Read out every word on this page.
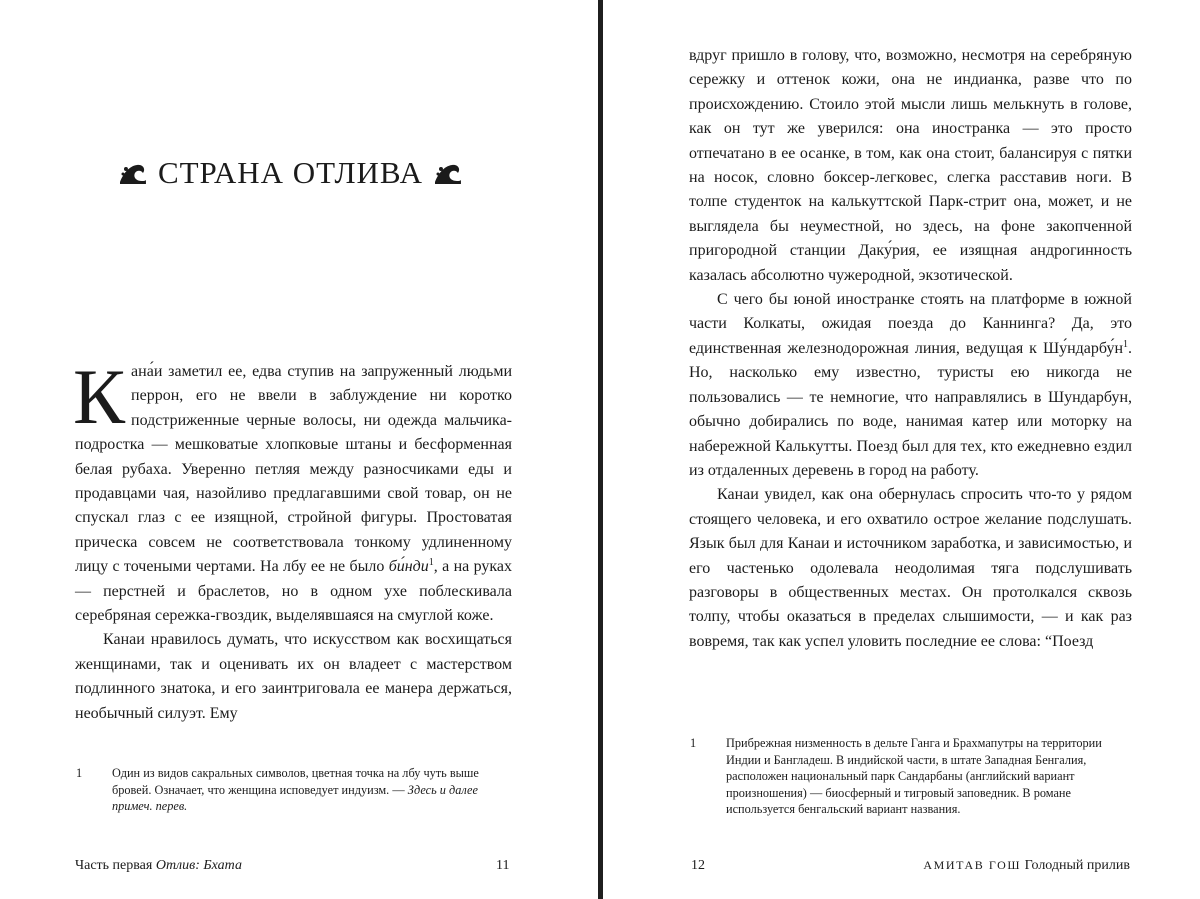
СТРАНА ОТЛИВА

Кана́и заметил ее, едва ступив на запруженный людьми перрон, его не ввели в заблуждение ни коротко подстриженные черные волосы, ни одежда мальчика-подростка — мешковатые хлопковые штаны и бесформенная белая рубаха. Уверенно петляя между разносчиками еды и продавцами чая, назойливо предлагавшими свой товар, он не спускал глаз с ее изящной, стройной фигуры. Простоватая прическа совсем не соответствовала тонкому удлиненному лицу с точеными чертами. На лбу ее не было би́нди$^1$, а на руках — перстней и браслетов, но в одном ухе поблескивала серебряная сережка-гвоздик, выделявшаяся на смуглой коже.

Канаи нравилось думать, что искусством как восхищаться женщинами, так и оценивать их он владеет с мастерством подлинного знатока, и его заинтриговала ее манера держаться, необычный силуэт. Ему

1	Один из видов сакральных символов, цветная точка на лбу чуть выше бровей. Означает, что женщина исповедует индуизм. — Здесь и далее примеч. перев.
Часть первая Отлив: Бхата	11

вдруг пришло в голову, что, возможно, несмотря на серебряную сережку и оттенок кожи, она не индианка, разве что по происхождению. Стоило этой мысли лишь мелькнуть в голове, как он тут же уверился: она иностранка — это просто отпечатано в ее осанке, в том, как она стоит, балансируя с пятки на носок, словно боксер-легковес, слегка расставив ноги. В толпе студенток на калькуттской Парк-стрит она, может, и не выглядела бы неуместной, но здесь, на фоне закопченной пригородной станции Даку́рия, ее изящная андрогинность казалась абсолютно чужеродной, экзотической.

С чего бы юной иностранке стоять на платформе в южной части Колкаты, ожидая поезда до Каннинга? Да, это единственная железнодорожная линия, ведущая к $Шу́ндарбу́н^1$. Но, насколько ему известно, туристы ею никогда не пользовались — те немногие, что направлялись в Шундарбун, обычно добирались по воде, нанимая катер или моторку на набережной Калькутты. Поезд был для тех, кто ежедневно ездил из отдаленных деревень в город на работу.

Канаи увидел, как она обернулась спросить что-то у рядом стоящего человека, и его охватило острое желание подслушать. Язык был для Канаи и источником заработка, и зависимостью, и его частенько одолевала неодолимая тяга подслушивать разговоры в общественных местах. Он протолкался сквозь толпу, чтобы оказаться в пределах слышимости, — и как раз вовремя, так как успел уловить последние ее слова: “Поезд

1	Прибрежная низменность в дельте Ганга и Брахмапутры на территории Индии и Бангладеш. В индийской части, в штате Западная Бенгалия, расположен национальный парк Сандарбаны (английский вариант произношения) — биосферный и тигровый заповедник. В романе используется бенгальский вариант названия.
12	АМИТАВ ГОШ Голодный прилив
